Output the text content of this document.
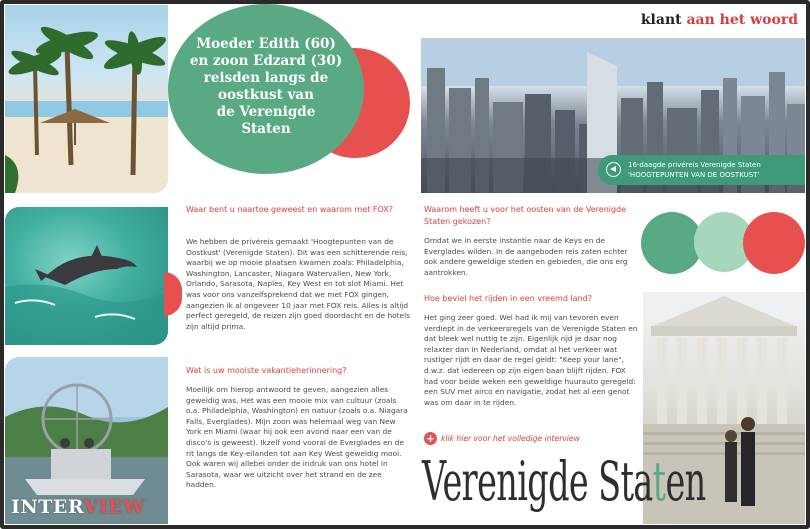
Moeder Edith (60)
en zoon Edzard (30)
reisden langs de
oostkust van
de Verenigde
Staten
klant aan het woord
16-daagde privéreis Verenigde Staten
'HOOGTEPUNTEN VAN DE OOSTKUST'
Waar bent u naartoe geweest en waarom met FOX?
We hebben de privéreis gemaakt 'Hoogtepunten van de Oostkust' (Verenigde Staten). Dit was een schitterende reis, waarbij we op mooie plaatsen kwamen zoals: Philadelphia, Washington, Lancaster, Niagara Watervallen, New York, Orlando, Sarasota, Naples, Key West en tot slot Miami. Het was voor ons vanzelfsprekend dat we met FOX gingen, aangezien ik al ongeveer 10 jaar met FOX reis. Alles is altijd perfect geregeld, de reizen zijn goed doordacht en de hotels zijn altijd prima.
Wat is uw mooiste vakantieherinnering?
Moeilijk om hierop antwoord te geven, aangezien alles geweldig was. Het was een mooie mix van cultuur (zoals o.a. Philadelphia, Washington) en natuur (zoals o.a. Niagara Falls, Everglades). Mijn zoon was helemaal weg van New York en Miami (waar hij ook een avond naar een van de disco's is geweest). Ikzelf vond vooral de Everglades en de rit langs de Key-eilanden tot aan Key West geweldig mooi. Ook waren wij allebei onder de indruk van ons hotel in Sarasota, waar we uitzicht over het strand en de zee hadden.
Waarom heeft u voor het oosten van de Verenigde Staten gekozen?
Omdat we in eerste instantie naar de Keys en de Everglades wilden. In de aangeboden reis zaten echter ook andere geweldige steden en gebieden, die ons erg aantrokken.
Hoe beviel het rijden in een vreemd land?
Het ging zeer goed. Wel had ik mij van tevoren even verdiept in de verkeersregels van de Verenigde Staten en dat bleek wel nuttig te zijn. Eigenlijk rijd je daar nog relaxter dan in Nederland, omdat al het verkeer wat rustiger rijdt en daar de regel geldt: "Keep your lane", d.w.z. dat iedereen op zijn eigen baan blijft rijden. FOX had voor beide weken een geweldige huurauto geregeld: een SUV met airco en navigatie, zodat het al een genot was om daar in te rijden.
+ klik hier voor het volledige interview
Verenigde Staten
INTERVIEW
